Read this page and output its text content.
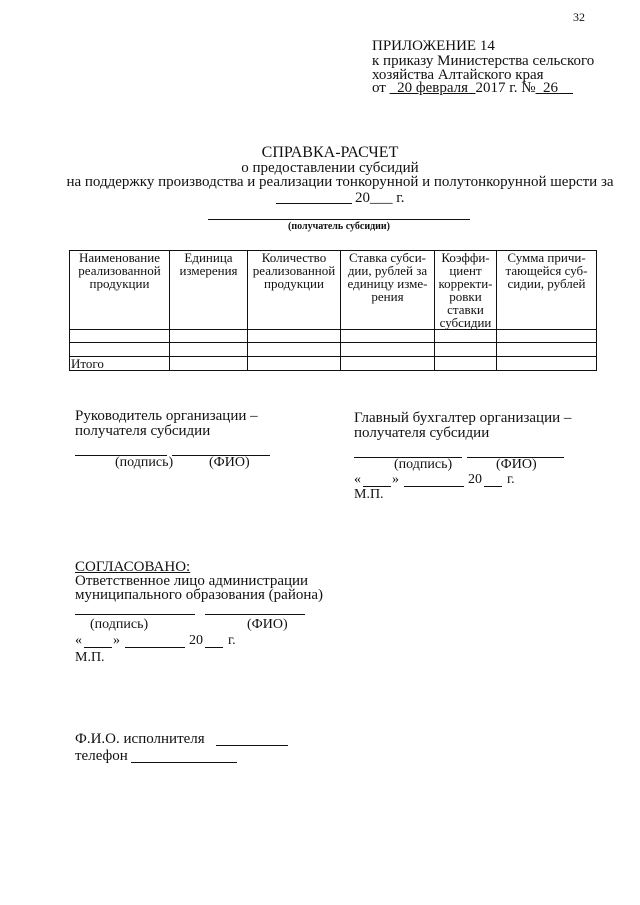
32
ПРИЛОЖЕНИЕ 14
к приказу Министерства сельского
хозяйства Алтайского края
от 20 февраля 2017 г. № 26
СПРАВКА-РАСЧЕТ
о предоставлении субсидий
на поддержку производства и реализации тонкорунной и полутонкорунной шерсти за
20___ г.
(получатель субсидии)
Наименование реализованной продукции	Единица измерения	Количество реализованной продукции	Ставка субси-дии, рублей за единицу изме-рения	Коэффи-циент корректи-ровки ставки субсидии	Сумма причи-тающейся суб-сидии, рублей

Итого					
Руководитель организации –
получателя субсидии
(подпись)	(ФИО)
Главный бухгалтер организации –
получателя субсидии
(подпись)	(ФИО)
« »	20 г.
М.П.
СОГЛАСОВАНО:
Ответственное лицо администрации
муниципального образования (района)
(подпись)	(ФИО)
« »	20 г.
М.П.
Ф.И.О. исполнителя
телефон
